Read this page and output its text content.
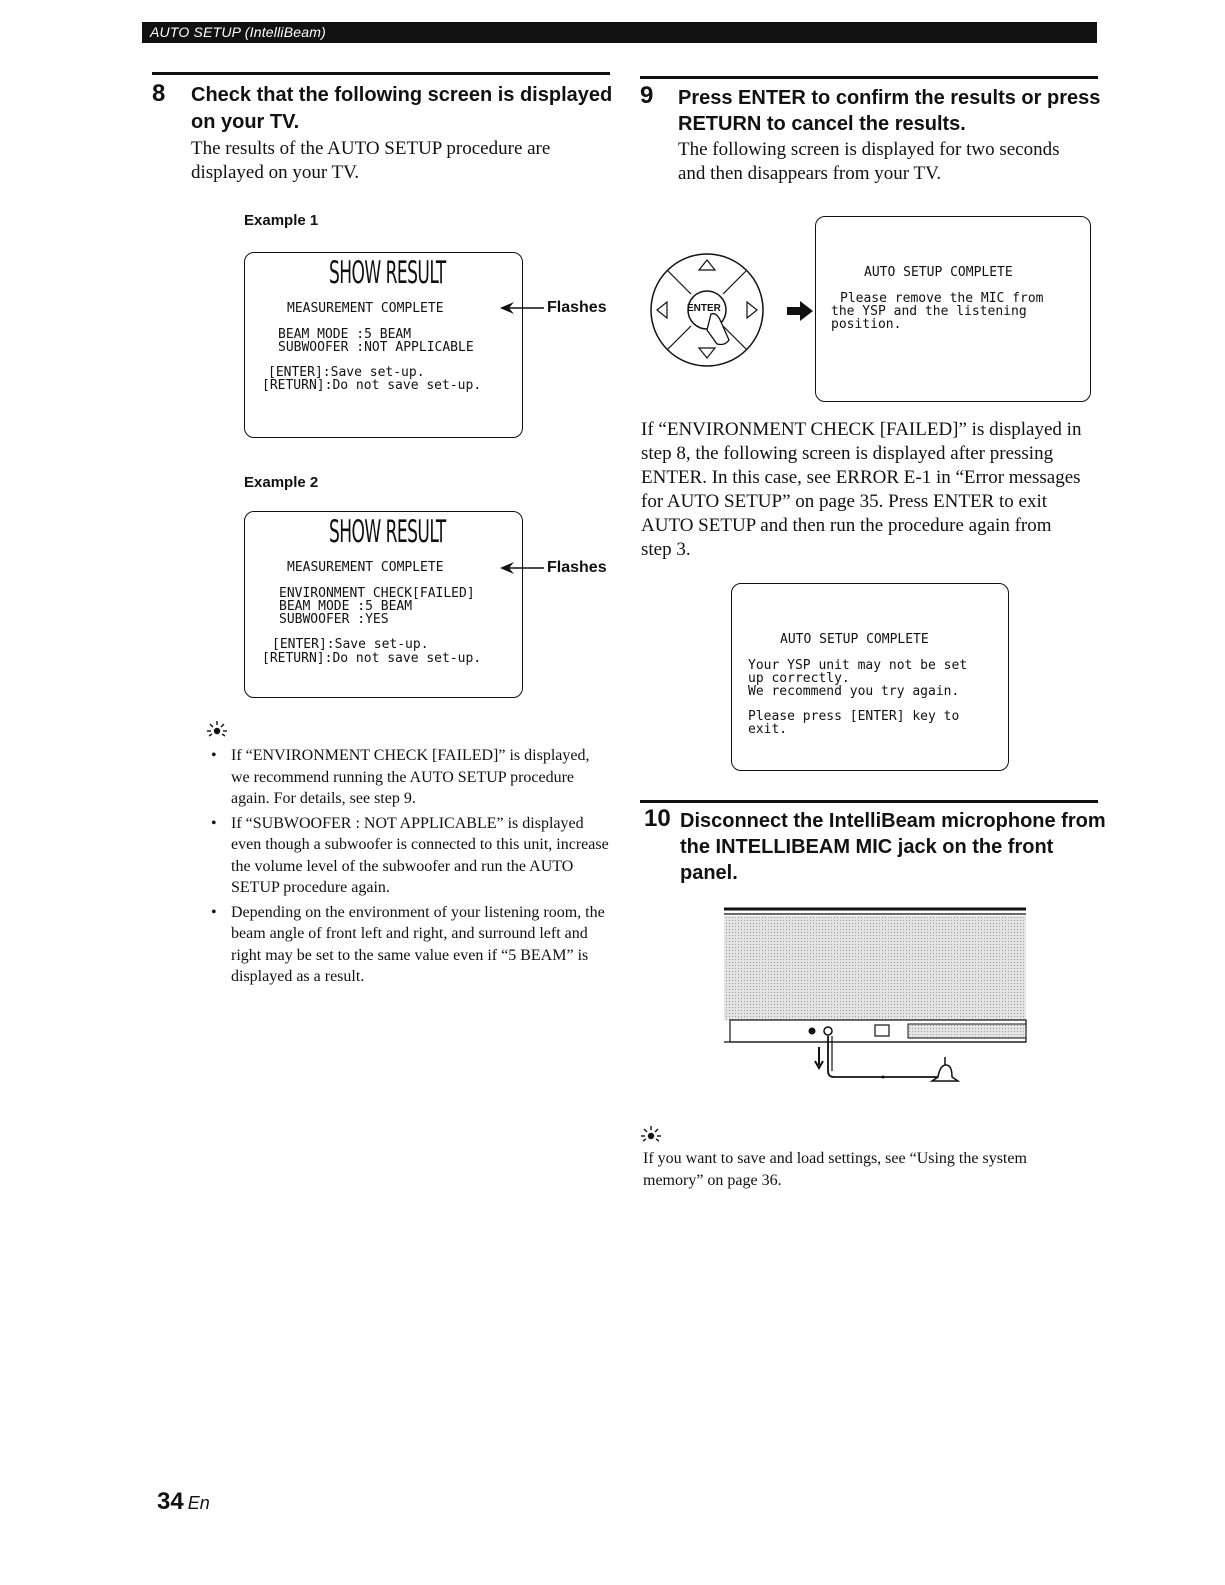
AUTO SETUP (IntelliBeam)
8 Check that the following screen is displayed
on your TV.
The results of the AUTO SETUP procedure are
displayed on your TV.
Example 1
SHOW RESULT
MEASUREMENT COMPLETE
BEAM MODE :5 BEAM
SUBWOOFER :NOT APPLICABLE
[ENTER]:Save set-up.
[RETURN]:Do not save set-up.
Flashes
Example 2
SHOW RESULT
MEASUREMENT COMPLETE
ENVIRONMENT CHECK[FAILED]
BEAM MODE :5 BEAM
SUBWOOFER :YES
[ENTER]:Save set-up.
[RETURN]:Do not save set-up.
Flashes
• If “ENVIRONMENT CHECK [FAILED]” is displayed, we recommend running the AUTO SETUP procedure again. For details, see step 9.
• If “SUBWOOFER : NOT APPLICABLE” is displayed even though a subwoofer is connected to this unit, increase the volume level of the subwoofer and run the AUTO SETUP procedure again.
• Depending on the environment of your listening room, the beam angle of front left and right, and surround left and right may be set to the same value even if “5 BEAM” is displayed as a result.
9 Press ENTER to confirm the results or press
RETURN to cancel the results.
The following screen is displayed for two seconds
and then disappears from your TV.
ENTER
AUTO SETUP COMPLETE
Please remove the MIC from
the YSP and the listening
position.
If “ENVIRONMENT CHECK [FAILED]” is displayed in
step 8, the following screen is displayed after pressing
ENTER. In this case, see ERROR E-1 in “Error messages
for AUTO SETUP” on page 35. Press ENTER to exit
AUTO SETUP and then run the procedure again from
step 3.
AUTO SETUP COMPLETE
Your YSP unit may not be set
up correctly.
We recommend you try again.
Please press [ENTER] key to
exit.
10 Disconnect the IntelliBeam microphone from
the INTELLIBEAM MIC jack on the front
panel.
If you want to save and load settings, see “Using the system
memory” on page 36.
34 En
